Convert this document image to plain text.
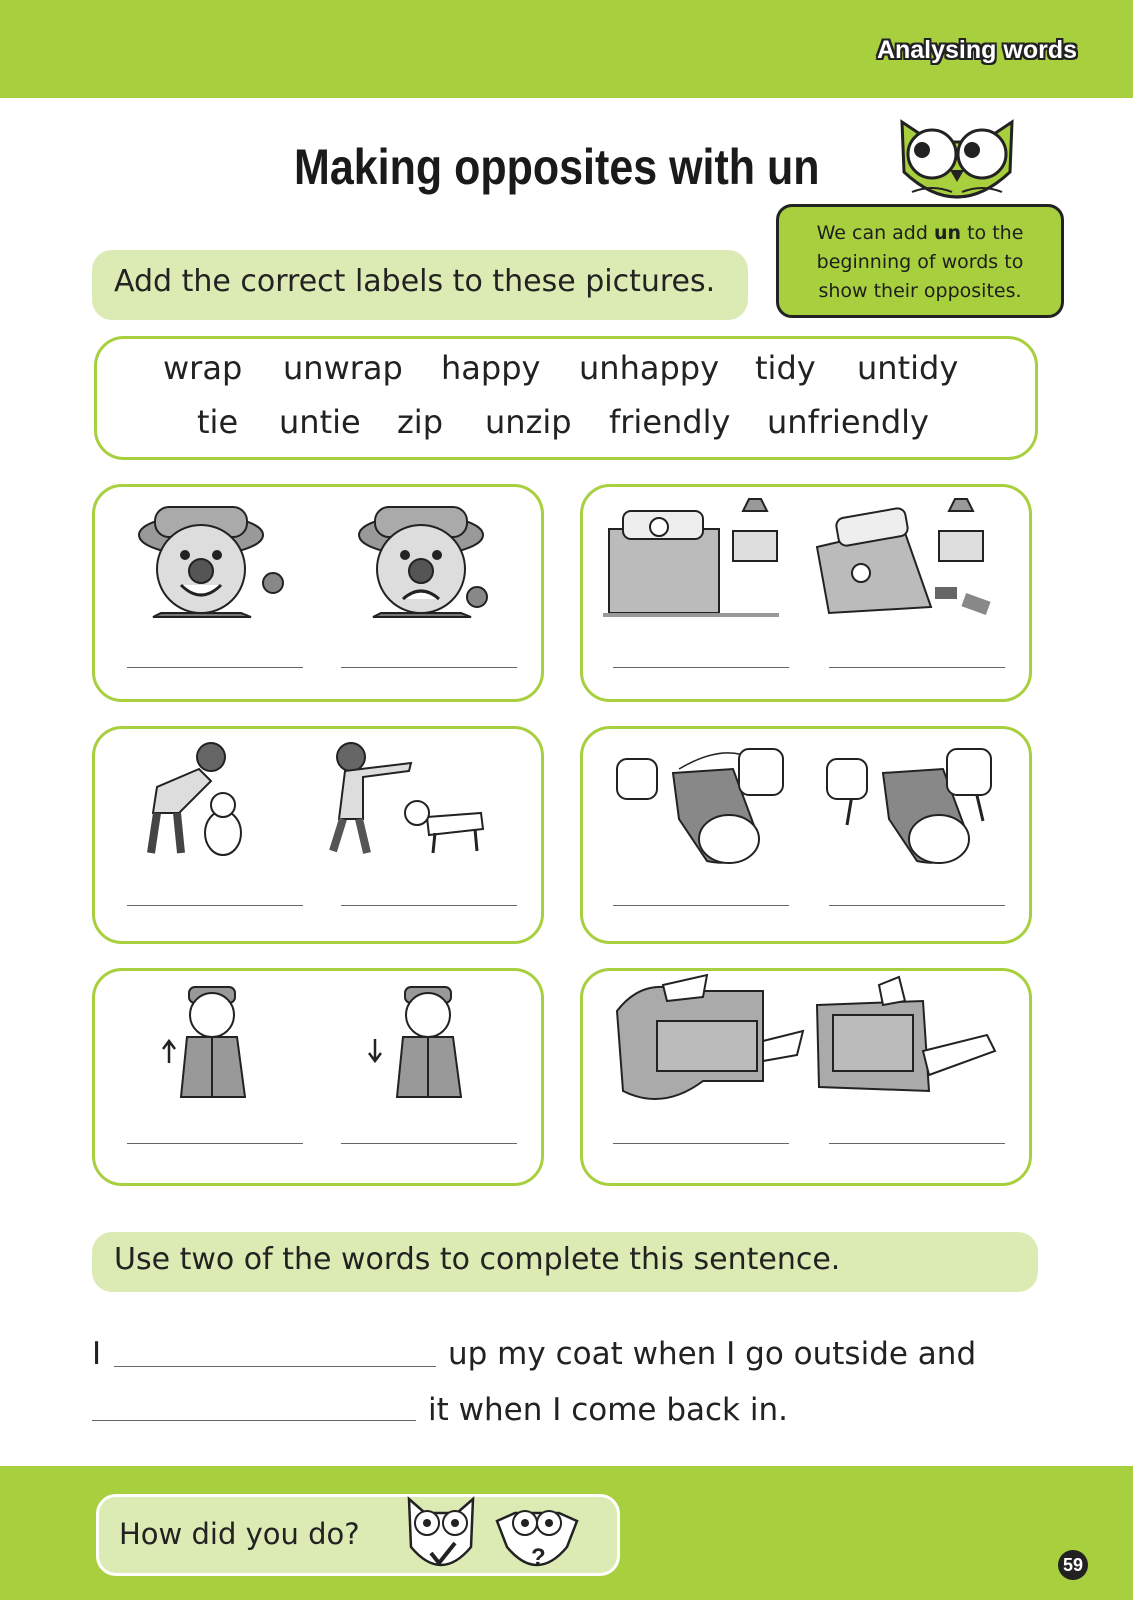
Analysing words
Making opposites with un
We can add un to the
beginning of words to
show their opposites.
Add the correct labels to these pictures.
wrap unwrap happy unhappy tidy untidy
tie untie zip unzip friendly unfriendly
Use two of the words to complete this sentence.
I	up my coat when I go outside and
it when I come back in.
How did you do?
?	59
